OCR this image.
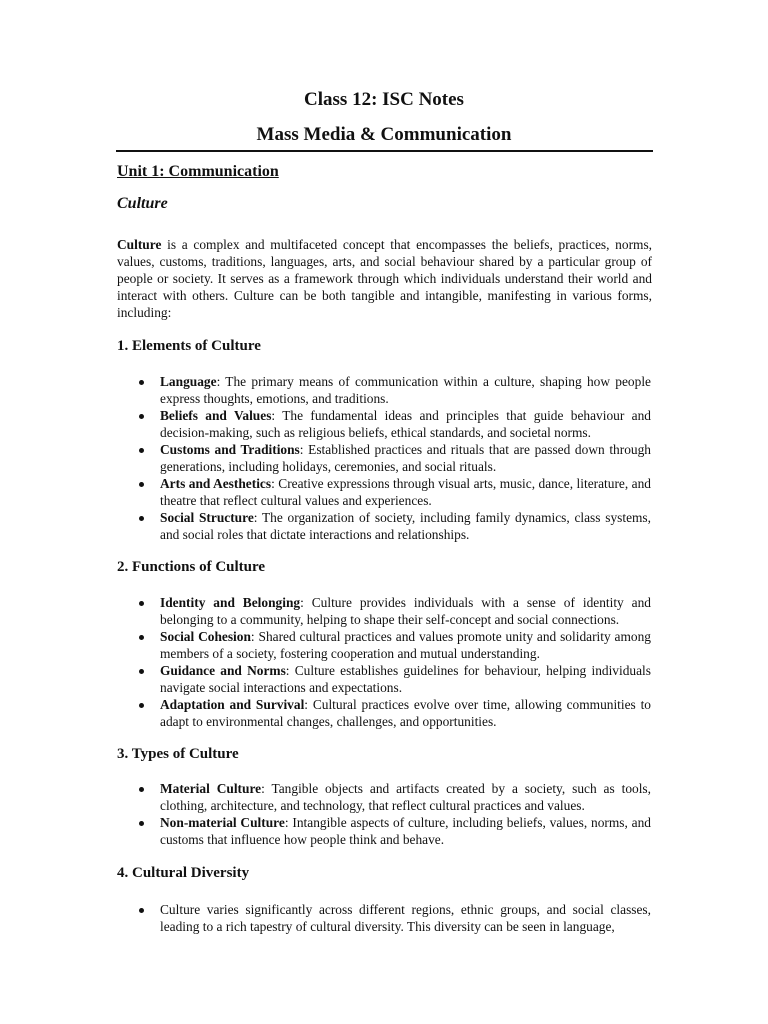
Class 12: ISC Notes
Mass Media & Communication
Unit 1: Communication
Culture

Culture is a complex and multifaceted concept that encompasses the beliefs, practices, norms, values, customs, traditions, languages, arts, and social behaviour shared by a particular group of people or society. It serves as a framework through which individuals understand their world and interact with others. Culture can be both tangible and intangible, manifesting in various forms, including:

1. Elements of Culture
Language: The primary means of communication within a culture, shaping how people express thoughts, emotions, and traditions.
Beliefs and Values: The fundamental ideas and principles that guide behaviour and decision-making, such as religious beliefs, ethical standards, and societal norms.
Customs and Traditions: Established practices and rituals that are passed down through generations, including holidays, ceremonies, and social rituals.
Arts and Aesthetics: Creative expressions through visual arts, music, dance, literature, and theatre that reflect cultural values and experiences.
Social Structure: The organization of society, including family dynamics, class systems, and social roles that dictate interactions and relationships.
2. Functions of Culture
Identity and Belonging: Culture provides individuals with a sense of identity and belonging to a community, helping to shape their self-concept and social connections.
Social Cohesion: Shared cultural practices and values promote unity and solidarity among members of a society, fostering cooperation and mutual understanding.
Guidance and Norms: Culture establishes guidelines for behaviour, helping individuals navigate social interactions and expectations.
Adaptation and Survival: Cultural practices evolve over time, allowing communities to adapt to environmental changes, challenges, and opportunities.
3. Types of Culture
Material Culture: Tangible objects and artifacts created by a society, such as tools, clothing, architecture, and technology, that reflect cultural practices and values.
Non-material Culture: Intangible aspects of culture, including beliefs, values, norms, and customs that influence how people think and behave.
4. Cultural Diversity
Culture varies significantly across different regions, ethnic groups, and social classes, leading to a rich tapestry of cultural diversity. This diversity can be seen in language,
